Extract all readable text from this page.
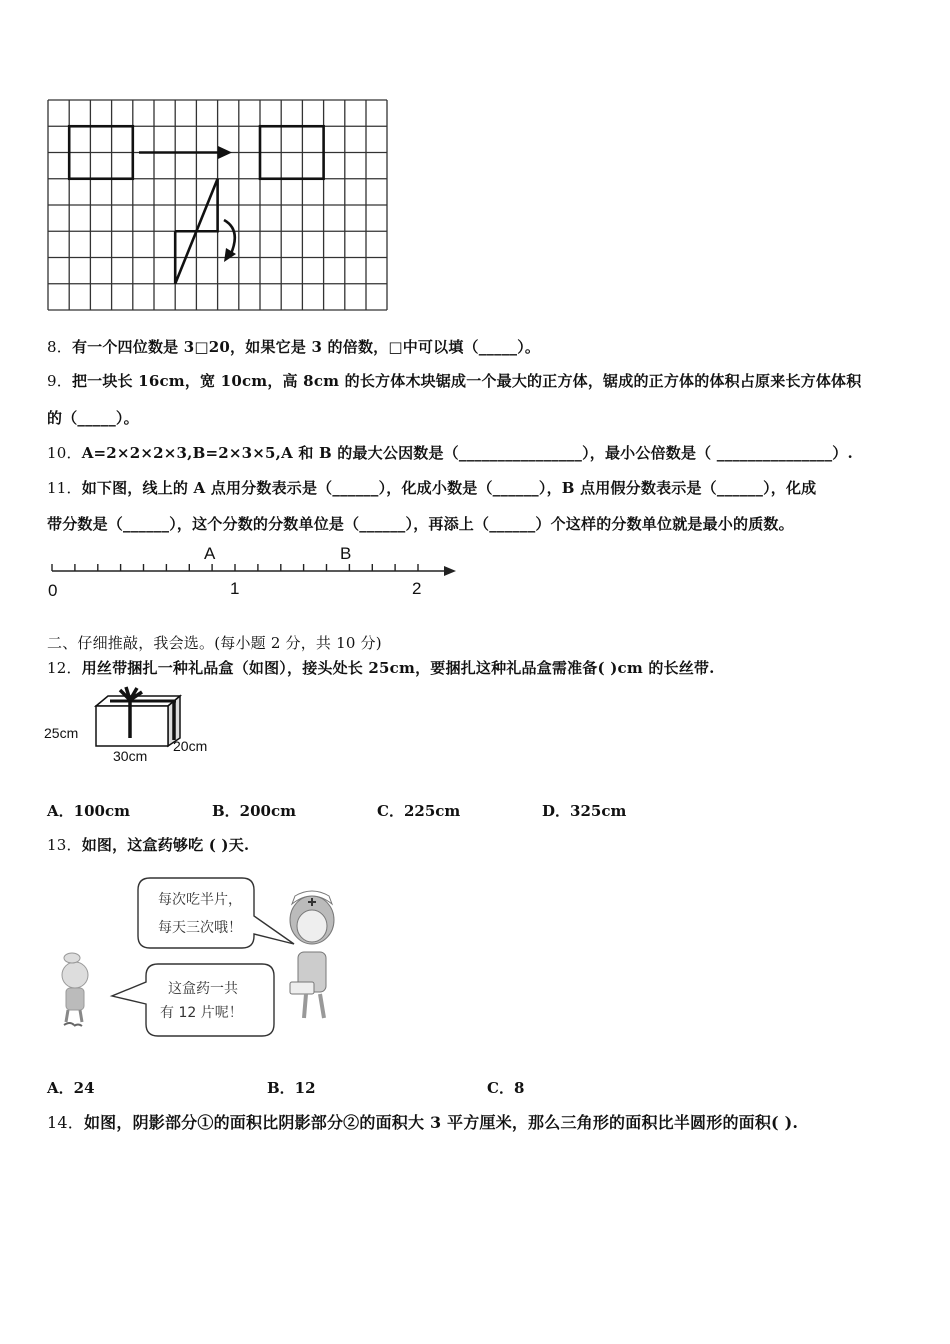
8．有一个四位数是 3□20，如果它是 3 的倍数，□中可以填（_____）。
9．把一块长 16cm，宽 10cm，高 8cm 的长方体木块锯成一个最大的正方体，锯成的正方体的体积占原来长方体体积
的（_____）。
10．A=2×2×2×3,B=2×3×5,A 和 B 的最大公因数是（________________），最小公倍数是（ _______________）.
11．如下图，线上的 A 点用分数表示是（______），化成小数是（______），B 点用假分数表示是（______），化成
带分数是（______），这个分数的分数单位是（______），再添上（______）个这样的分数单位就是最小的质数。
0	1	2
A	B
二、仔细推敲，我会选。(每小题 2 分，共 10 分)
12．用丝带捆扎一种礼品盒（如图），接头处长 25cm，要捆扎这种礼品盒需准备( )cm 的长丝带.
25cm
30cm
20cm
A．100cm	B．200cm	C．225cm	D．325cm
13．如图，这盒药够吃 ( )天.
每次吃半片，
每天三次哦！
这盒药一共
有 12 片呢！
A．24	B．12	C．8
14．如图，阴影部分①的面积比阴影部分②的面积大 3 平方厘米，那么三角形的面积比半圆形的面积( ).
